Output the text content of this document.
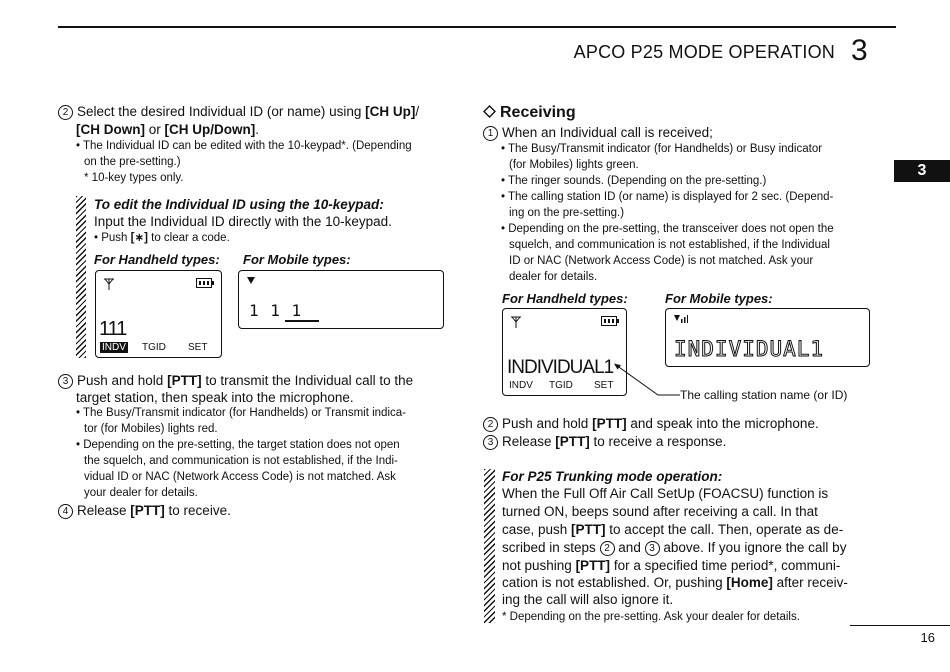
APCO P25 MODE OPERATION 3
3
16
2 Select the desired Individual ID (or name) using [CH Up]/
[CH Down] or [CH Up/Down].
• The Individual ID can be edited with the 10-keypad*. (Depending
on the pre-setting.)
* 10-key types only.
To edit the Individual ID using the 10-keypad:
Input the Individual ID directly with the 10-keypad.
• Push [∗] to clear a code.
For Handheld types: For Mobile types:
111
INDV TGID SET
1 1 1
3 Push and hold [PTT] to transmit the Individual call to the
target station, then speak into the microphone.
• The Busy/Transmit indicator (for Handhelds) or Transmit indica-
tor (for Mobiles) lights red.
• Depending on the pre-setting, the target station does not open
the squelch, and communication is not established, if the Indi-
vidual ID or NAC (Network Access Code) is not matched. Ask
your dealer for details.
4 Release [PTT] to receive.
Receiving
1 When an Individual call is received;
• The Busy/Transmit indicator (for Handhelds) or Busy indicator
(for Mobiles) lights green.
• The ringer sounds. (Depending on the pre-setting.)
• The calling station ID (or name) is displayed for 2 sec. (Depend-
ing on the pre-setting.)
• Depending on the pre-setting, the transceiver does not open the
squelch, and communication is not established, if the Individual
ID or NAC (Network Access Code) is not matched. Ask your
dealer for details.
For Handheld types:	For Mobile types:
INDIVIDUAL1
INDV TGID SET
INDIVIDUAL1
The calling station name (or ID)
2 Push and hold [PTT] and speak into the microphone.
3 Release [PTT] to receive a response.
For P25 Trunking mode operation:
When the Full Off Air Call SetUp (FOACSU) function is
turned ON, beeps sound after receiving a call. In that
case, push [PTT] to accept the call. Then, operate as de-
scribed in steps 2 and 3 above. If you ignore the call by
not pushing [PTT] for a specified time period*, communi-
cation is not established. Or, pushing [Home] after receiv-
ing the call will also ignore it.
* Depending on the pre-setting. Ask your dealer for details.
